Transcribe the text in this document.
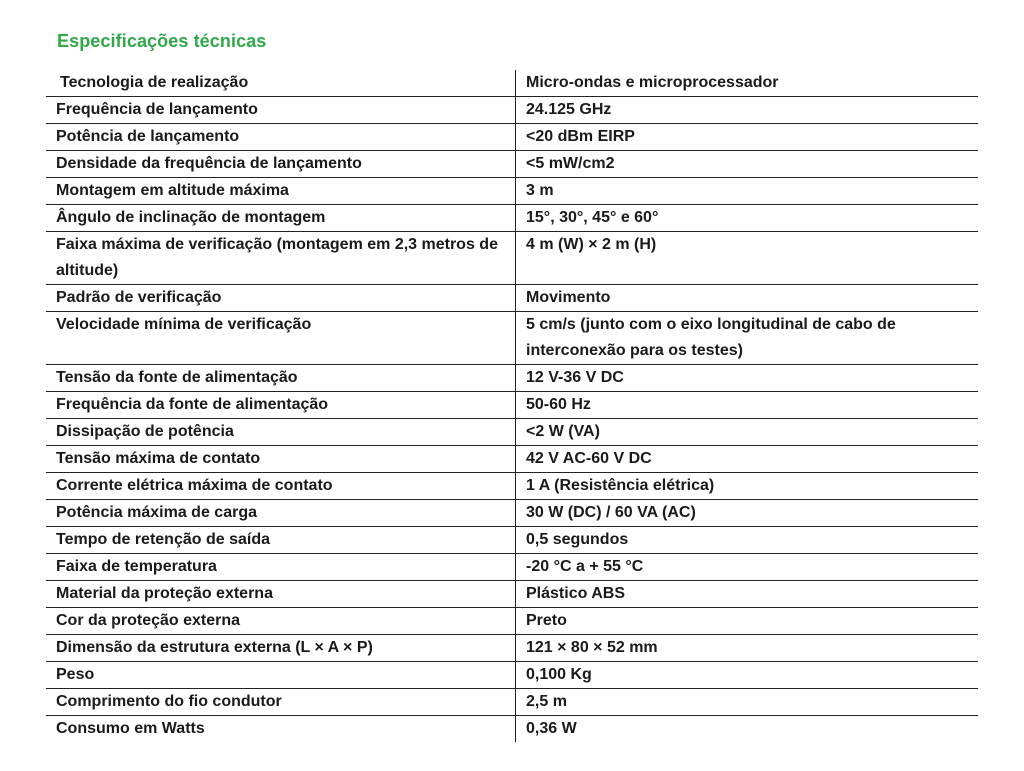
Especificações técnicas
Tecnologia de realização	Micro-ondas e microprocessador
Frequência de lançamento	24.125 GHz
Potência de lançamento	<20 dBm EIRP
Densidade da frequência de lançamento	<5 mW/cm2
Montagem em altitude máxima	3 m
Ângulo de inclinação de montagem	15°, 30°, 45° e 60°
Faixa máxima de verificação (montagem em 2,3 metros de altitude)	4 m (W) × 2 m (H)
Padrão de verificação	Movimento
Velocidade mínima de verificação	5 cm/s (junto com o eixo longitudinal de cabo de interconexão para os testes)
Tensão da fonte de alimentação	12 V-36 V DC
Frequência da fonte de alimentação	50-60 Hz
Dissipação de potência	<2 W (VA)
Tensão máxima de contato	42 V AC-60 V DC
Corrente elétrica máxima de contato	1 A (Resistência elétrica)
Potência máxima de carga	30 W (DC) / 60 VA (AC)
Tempo de retenção de saída	0,5 segundos
Faixa de temperatura	-20 °C a + 55 °C
Material da proteção externa	Plástico ABS
Cor da proteção externa	Preto
Dimensão da estrutura externa (L × A × P)	121 × 80 × 52 mm
Peso	0,100 Kg
Comprimento do fio condutor	2,5 m
Consumo em Watts	0,36 W
